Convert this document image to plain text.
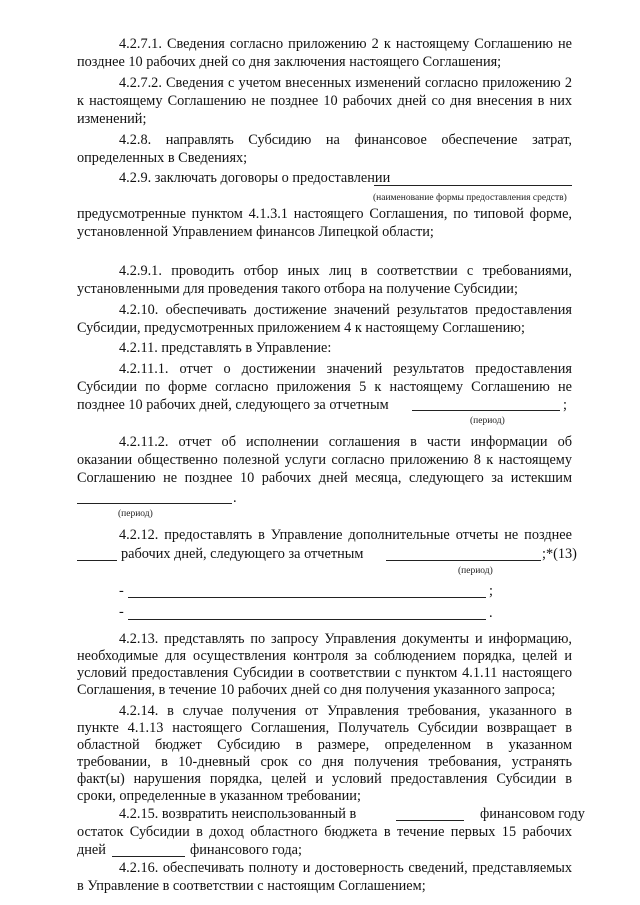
4.2.7.1. Сведения согласно приложению 2 к настоящему Соглашению не
позднее 10 рабочих дней со дня заключения настоящего Соглашения;
4.2.7.2. Сведения с учетом внесенных изменений согласно приложению 2
к настоящему Соглашению не позднее 10 рабочих дней со дня внесения в них
изменений;
4.2.8. направлять Субсидию на финансовое обеспечение затрат,
определенных в Сведениях;
4.2.9. заключать договоры о предоставлении
(наименование формы предоставления средств)
предусмотренные пунктом 4.1.3.1 настоящего Соглашения, по типовой форме,
установленной Управлением финансов Липецкой области;
4.2.9.1. проводить отбор иных лиц в соответствии с требованиями,
установленными для проведения такого отбора на получение Субсидии;
4.2.10. обеспечивать достижение значений результатов предоставления
Субсидии, предусмотренных приложением 4 к настоящему Соглашению;
4.2.11. представлять в Управление:
4.2.11.1. отчет о достижении значений результатов предоставления
Субсидии по форме согласно приложения 5 к настоящему Соглашению не
позднее 10 рабочих дней, следующего за отчетным	;
(период)
4.2.11.2. отчет об исполнении соглашения в части информации об
оказании общественно полезной услуги согласно приложению 8 к настоящему
Соглашению не позднее 10 рабочих дней месяца, следующего за истекшим
.
(период)
4.2.12. предоставлять в Управление дополнительные отчеты не позднее
рабочих дней, следующего за отчетным	;*(13)
(период)
-	;
-	.
4.2.13. представлять по запросу Управления документы и информацию,
необходимые для осуществления контроля за соблюдением порядка, целей и
условий предоставления Субсидии в соответствии с пунктом 4.1.11 настоящего
Соглашения, в течение 10 рабочих дней со дня получения указанного запроса;
4.2.14. в случае получения от Управления требования, указанного в
пункте 4.1.13 настоящего Соглашения, Получатель Субсидии возвращает в
областной бюджет Субсидию в размере, определенном в указанном
требовании, в 10-дневный срок со дня получения требования, устранять
факт(ы) нарушения порядка, целей и условий предоставления Субсидии в
сроки, определенные в указанном требовании;
4.2.15. возвратить неиспользованный в	финансовом году
остаток Субсидии в доход областного бюджета в течение первых 15 рабочих
дней	финансового года;
4.2.16. обеспечивать полноту и достоверность сведений, представляемых
в Управление в соответствии с настоящим Соглашением;
